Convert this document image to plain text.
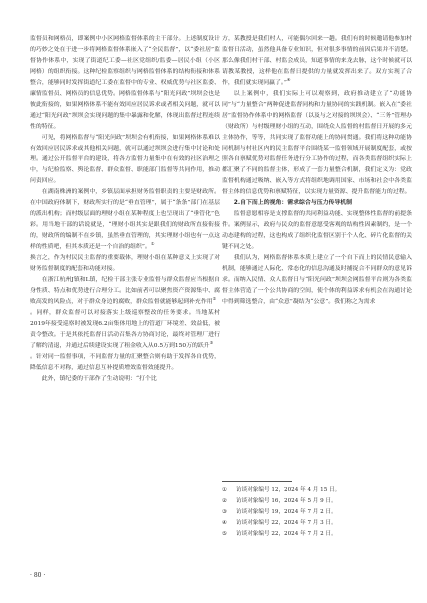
监督员和网格员，即案例中小区网格监督体系的主干部分。上述制度设计的巧妙之处在于进一步将网格监督体系嵌入了“全民监督”，以“委社居”监督协作体系中，实现了街道纪工委—社区党组织/监委—居民小组（小区网格）的组织衔接。这种纪检监察组织与网格监督体系的结构衔接和体系整合，能够同时发挥街道纪工委在监督中的专业、权威优势与社区监委、廉情监督员、网格员的信息优势。网格监督体系与“阳光问政”坝坝会也是彼此衔接的，如果网格体系不能有效回应居民诉求或者相关问题，就可以通过“阳光问政”坝坝会实现问题的集中暴露和化解，体现出监督过程连续性的特征。

可见，将网格监督与“阳光问政”坝坝会有机衔接，如果网格体系难以有效回应居民诉求或其他相关问题，就可以通过坝坝会进行集中讨论和处理。通过公开监督平台的建设，将各方监督力量集中在有效的社区治理之中，与纪检监察、舆论监督、群众监督、职能部门监督等共同作用，推动问责回应。

在湖南株洲的案例中，乡镇层面承担财务监督职责的主要是财政所。在中国政府体制下，财政所实行的是“垂直管理”，属于“条条”部门在基层的派出机构；而村级层面的理财小组在某种程度上也呈现出了“垂管化”色彩。用当地干部的话说就是，“理财小组其实是跟我们的财政所直接衔接的，财政所的编制不在乡镇，虽然垂直管理的，其实理财小组也有一点这样的性质吧，但其本质还是一个自治的组织”。①

换言之，作为村民民主监督的重要载体，理财小组在某种意义上实现了对财务监督制度的配套和功能对接。

在浙江杭州J镇和L镇，纪检干部主张专业监督与群众监督应当根据自身性质、特点和优势进行合理分工。比如前者可以聚焦资产资源集中、腐败高发的风险点，对于群众身边的腐败，群众监督就能够起到补充作用②

。同样，群众监督可以对接落实上级巡察整改的任务要求。当地某村2019年接受巡察时被发现6.2亩集体用地上的管道厂环境差、效益低，被责令整改。于是其依托监督日活动召集各方协商讨论，最终对管理厂进行了解约清退，并通过后续建设实现了租金收入从0.5万到150万的跃升③

。针对同一监督事项，不同监督力量的汇聚整合则有助于发挥各自优势，降低信息不对称，通过信息互补提质增效监督效能提升。

此外，镇纪委的干部作了生动说明：“打个比

方，某教授是我们村人，可能偶尔回来一趟。我们有的时候邀请他参加村监督日活动，虽然他具备专业知识，但对很多事情的前因后果并不清楚。那么像我们村干部、村监会成员，知道事情的来龙去脉，这个时候就可以请教某教授，这样他在监督日提供的力量就发挥出来了。双方实现了合作，我们就实现同赢了。”④

以上案例中，我们实际上可以观察到，政府推动建立了“功能协同”与“力量整合”两种促进监督同构和力量协同的实践机制。嵌入在“委社居”监督协作体系中的网格监督（以及与之对接的坝坝会）、“三务”管理办（财政所）与村级理财小组的互动，围绕众人监督的村监督日开展的多元主体协作，等等，共同实现了监督功能上的协同贯通。我们将这种功能协同机制与村社区内的民主监督平台围绕某一监督领域开展制度配套，或按照各自禀赋优势对监督任务进行分工协作的过程，而各类监督组织实际上都汇聚了不同的监督主体，形成了一套力量整合机制，我们定义为：党政监督机构通过吸纳、嵌入等方式将组织地调用国家、市场和社会中各类监督主体的信息优势和禀赋特征，以实现力量资源、提升监督能力的过程。

2.自下而上的视角：需求综合与压力传导机制

监督意愿相容是支撑监督的共同利益功能、实现整体性监督的前提条件。案例显示，政府与民众的监督意愿受客观的结构性因素制约，是一个动态建构的过程，这也构成了组织化监督区别于个人化、碎片化监督的关键不同之处。

我们认为，网格监督体系本质上建立了一个自下而上的民情民意输入机制，能够通过人际化、常态化的信息沟通及时捕捉合不同群众的意见诉求。而纳入民情、众人监督日与“阳光问政”坝坝会网监督平台则为各类监督主体营造了一个公共协商的空间，使个体的利益诉求有机会在沟通讨论中得到筛选整合，由“众意”凝结为“公意”。我们称之为需求

① 访谈对象编号 12，2024 年 4 月 15 日。
② 访谈对象编号 16，2024 年 5 月 9 日。
③ 访谈对象编号 19，2024 年 7 月 2 日。
④ 访谈对象编号 22，2024 年 7 月 3 日。
⑤ 访谈对象编号 22，2024 年 7 月 2 日。
· 80 ·
